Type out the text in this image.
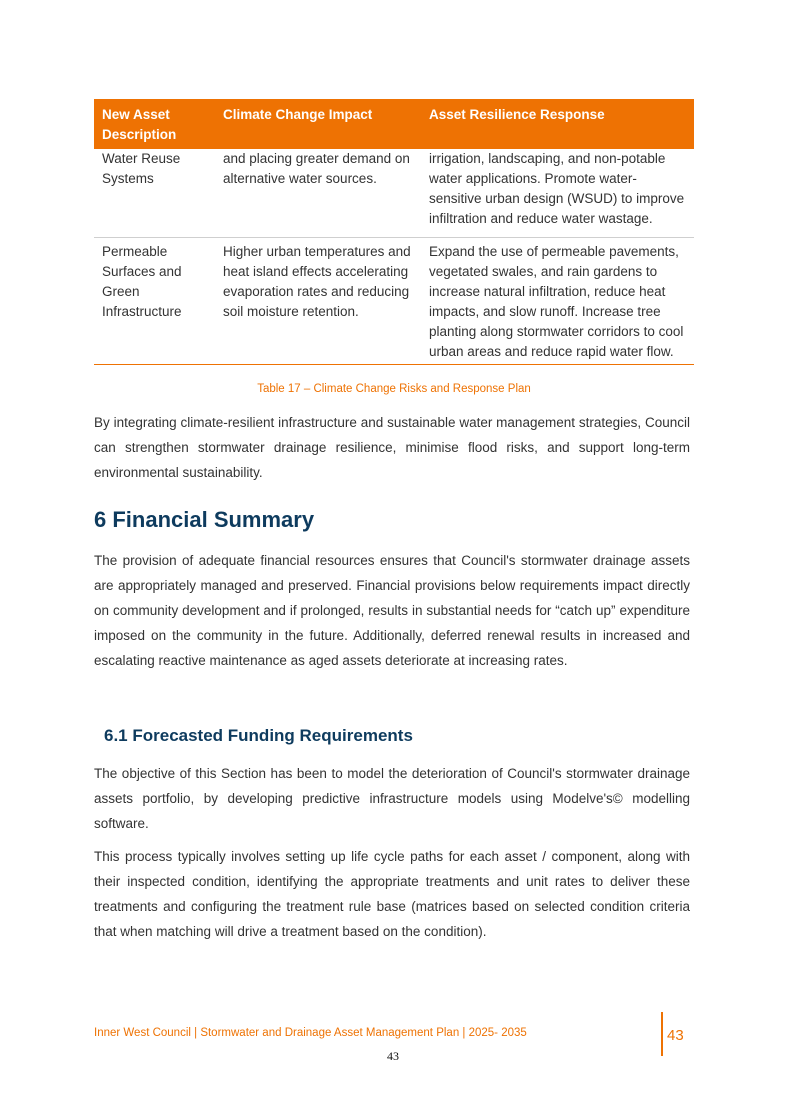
New Asset Description	Climate Change Impact	Asset Resilience Response
Water Reuse Systems	and placing greater demand on alternative water sources.	irrigation, landscaping, and non-potable water applications. Promote water-sensitive urban design (WSUD) to improve infiltration and reduce water wastage.
Permeable Surfaces and Green Infrastructure	Higher urban temperatures and heat island effects accelerating evaporation rates and reducing soil moisture retention.	Expand the use of permeable pavements, vegetated swales, and rain gardens to increase natural infiltration, reduce heat impacts, and slow runoff. Increase tree planting along stormwater corridors to cool urban areas and reduce rapid water flow.
Table 17 – Climate Change Risks and Response Plan

By integrating climate-resilient infrastructure and sustainable water management strategies, Council can strengthen stormwater drainage resilience, minimise flood risks, and support long-term environmental sustainability.

6 Financial Summary

The provision of adequate financial resources ensures that Council's stormwater drainage assets are appropriately managed and preserved. Financial provisions below requirements impact directly on community development and if prolonged, results in substantial needs for “catch up” expenditure imposed on the community in the future. Additionally, deferred renewal results in increased and escalating reactive maintenance as aged assets deteriorate at increasing rates.

6.1 Forecasted Funding Requirements

The objective of this Section has been to model the deterioration of Council's stormwater drainage assets portfolio, by developing predictive infrastructure models using Modelve's© modelling software.

This process typically involves setting up life cycle paths for each asset / component, along with their inspected condition, identifying the appropriate treatments and unit rates to deliver these treatments and configuring the treatment rule base (matrices based on selected condition criteria that when matching will drive a treatment based on the condition).

Inner West Council | Stormwater and Drainage Asset Management Plan | 2025- 2035	43
43
